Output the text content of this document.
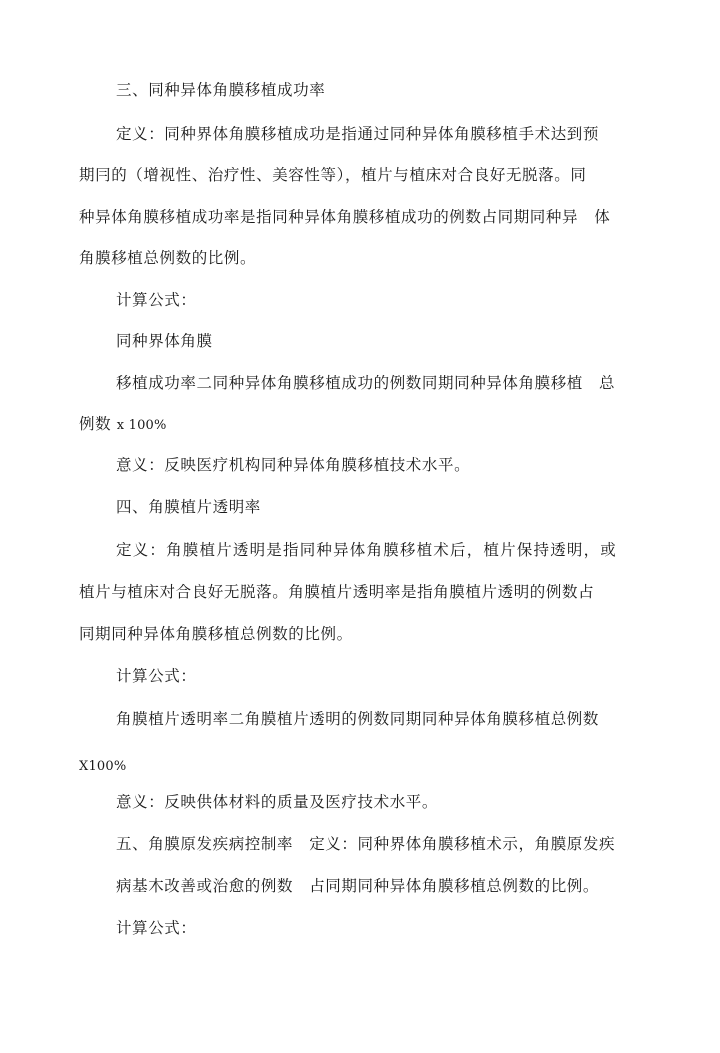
三、同种异体角膜移植成功率
定义：同种界体角膜移植成功是指通过同种异体角膜移植手术达到预
期冃的（增视性、治疗性、美容性等），植片与植床对合良好无脱落。同
种异体角膜移植成功率是指同种异体角膜移植成功的例数占同期同种异　体
角膜移植总例数的比例。
计算公式：
同种界体角膜
移植成功率二同种异体角膜移植成功的例数同期同种异体角膜移植　总
例数 x 100%
意义：反映医疗机构同种异体角膜移植技术水平。
四、角膜植片透明率
定义：角膜植片透明是指同种异体角膜移植术后，植片保持透明，或
植片与植床对合良好无脱落。角膜植片透明率是指角膜植片透明的例数占
同期同种异体角膜移植总例数的比例。
计算公式：
角膜植片透明率二角膜植片透明的例数同期同种异体角膜移植总例数
X100%
意义：反映供体材料的质量及医疗技术水平。
五、角膜原发疾病控制率　定义：同种界体角膜移植术示，角膜原发疾
病基木改善或治愈的例数　占同期同种异体角膜移植总例数的比例。
计算公式：
